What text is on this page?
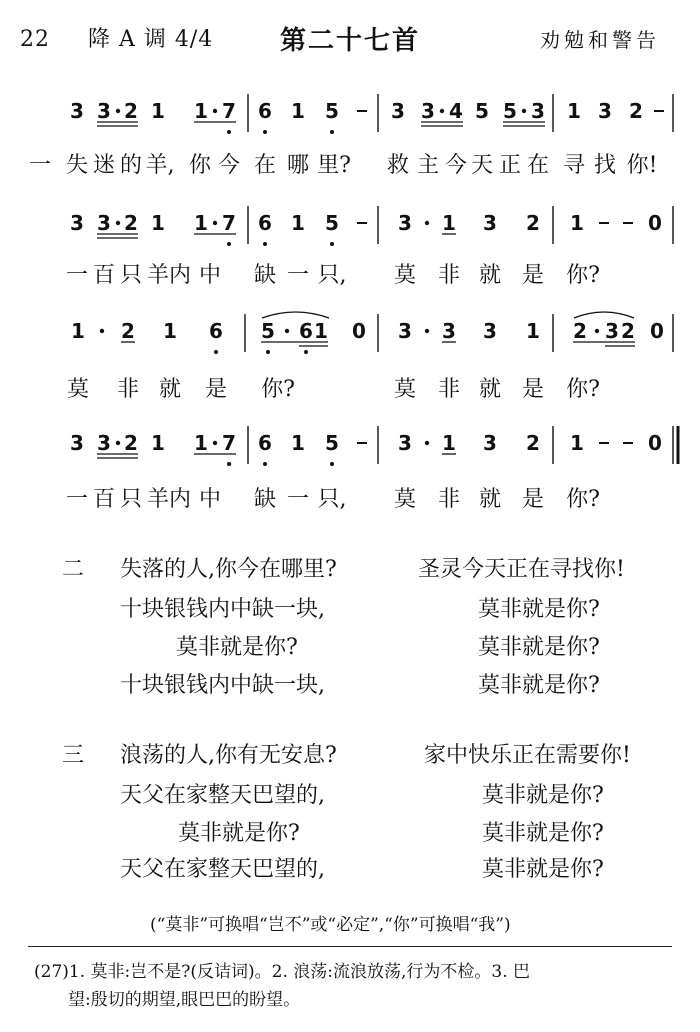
22 降 A 调 4/4	第二十七首	劝勉和警告
3 3 2 1 1 7 6 1 5	3 3 4 5 5 3 1 3 2
一 失 迷 的 羊, 你 今 在 哪 里? 救 主 今 天 正 在 寻 找 你!
3 3 2 1 1 7 6 1 5	3 1 3 2 1	0
一 百 只 羊 内 中 缺 一 只, 莫 非 就 是 你?
1 2 1 6 5 6 1 0 3 3 3 1 2 3 2 0
莫 非 就 是 你?	莫 非 就 是 你?
3 3 2 1 1 7 6 1 5	3 1 3 2 1	0
一 百 只 羊 内 中 缺 一 只, 莫 非 就 是 你?
二 失落的人,你今在哪里?	圣灵今天正在寻找你!
十块银钱内中缺一块,	莫非就是你?
莫非就是你?	莫非就是你?
十块银钱内中缺一块,	莫非就是你?
三 浪荡的人,你有无安息?	家中快乐正在需要你!
天父在家整天巴望的,	莫非就是你?
莫非就是你?	莫非就是你?
天父在家整天巴望的,	莫非就是你?
(“莫非”可换唱“岂不”或“必定”,“你”可换唱“我”)
(27)1. 莫非:岂不是?(反诘词)。2. 浪荡:流浪放荡,行为不检。3. 巴
望:殷切的期望,眼巴巴的盼望。
